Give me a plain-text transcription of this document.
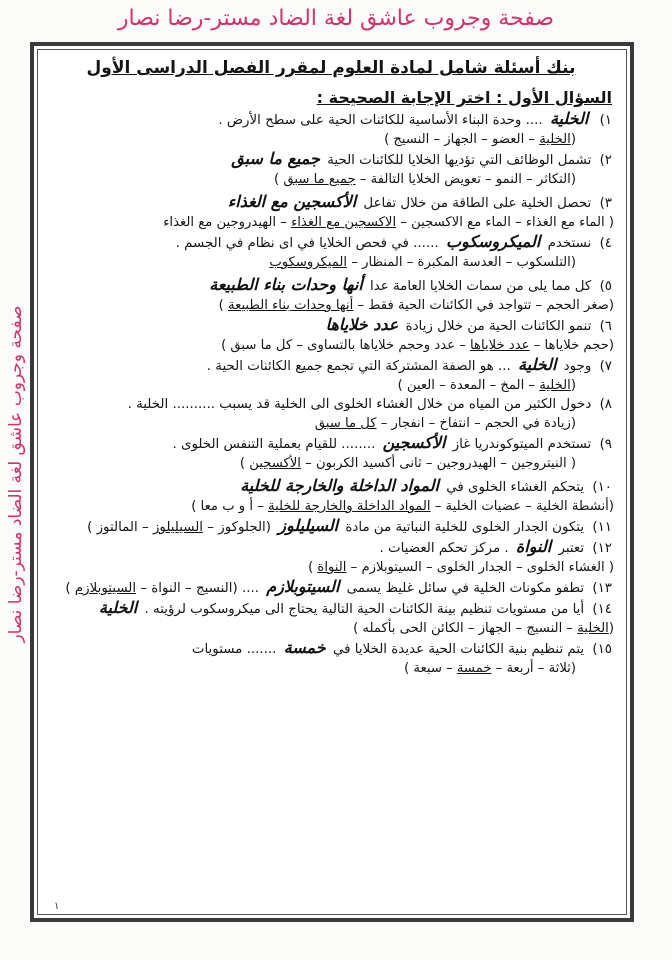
صفحة وجروب عاشق لغة الضاد مستر-رضا نصار
صفحة وجروب عاشق لغة الضاد مستر-رضا نصار
بنك أسئلة شامل لمادة العلوم لمقرر الفصل الدراسى الأول
السؤال الأول : اختر الإجابة الصحيحة :
١) الخلية .... وحدة البناء الأساسية للكائنات الحية على سطح الأرض .
(الخلية – العضو – الجهاز – النسيج )
٢) تشمل الوظائف التي تؤديها الخلايا للكائنات الحية جميع ما سبق
(التكاثر – النمو – تعويض الخلايا التالفة – جميع ما سبق )
٣) تحصل الخلية على الطاقة من خلال تفاعل الأكسجين مع الغذاء
( الماء مع الغذاء – الماء مع الاكسجين – الاكسجين مع الغذاء – الهيدروجين مع الغذاء
٤) نستخدم الميكروسكوب ...... في فحص الخلايا في اى نظام في الجسم .
(التلسكوب – العدسة المكبرة – المنظار – الميكروسكوب
٥) كل مما يلى من سمات الخلايا العامة عدا أنها وحدات بناء الطبيعة
(صغر الحجم – تتواجد في الكائنات الحية فقط – أنها وحدات بناء الطبيعة )
٦) تنمو الكائنات الحية من خلال زيادة عدد خلاياها
(حجم خلاياها – عدد خلاياها – عدد وحجم خلاياها بالتساوى – كل ما سبق )
٧) وجود الخلية ... هو الصفة المشتركة التي تجمع جميع الكائنات الحية .
(الخلية – المخ – المعدة – العين )
٨) دخول الكثير من المياه من خلال الغشاء الخلوى الى الخلية قد يسبب .......... الخلية .
(زيادة في الحجم – انتفاخ – انفجار – كل ما سبق
٩) تستخدم الميتوكوندريا غاز الأكسجين ........ للقيام بعملية التنفس الخلوى .
( النيتروجين – الهيدروجين – ثانى أكسيد الكربون – الأكسجين )
١٠) يتحكم الغشاء الخلوى في المواد الداخلة والخارجة للخلية
(أنشطة الخلية – عضيات الخلية – المواد الداخلة والخارجة للخلية – أ و ب معا )
١١) يتكون الجدار الخلوى للخلية النباتية من مادة السيليلوز (الجلوكوز – السيليلوز – المالتوز )
١٢) تعتبر النواة . مركز تحكم العضيات .
( الغشاء الخلوى – الجدار الخلوى – السيتوبلازم – النواة )
١٣) تطفو مكونات الخلية في سائل غليظ يسمى السيتوبلازم .... (النسيج – النواة – السيتوبلازم )
١٤) أيا من مستويات تنظيم بينة الكائنات الحية التالية يحتاج الى ميكروسكوب لرؤيته . الخلية
(الخلية – النسيج – الجهاز – الكائن الحى بأكمله )
١٥) يتم تنظيم بنية الكائنات الحية عديدة الخلايا في خمسة ....... مستويات
(ثلاثة – أربعة – خمسة – سبعة )
١
